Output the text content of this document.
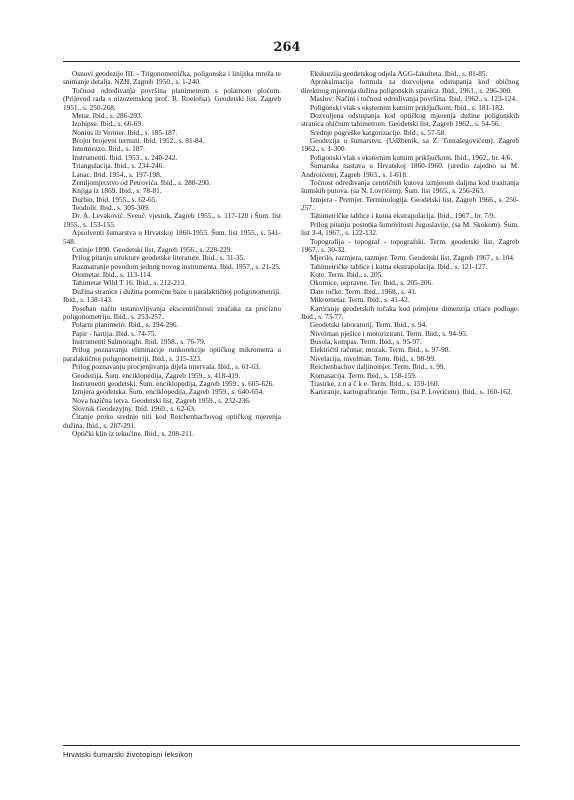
264

Osnovi geodezije III. - Trigonometrička, poligonska i linijska mreža te snimanje detalja. NZH, Zagreb 1950., s. 1-240.

Točnost određivanja površina planimetrom s polarnom ploćom. (Prijevod rada s nizozemskog prof. R. Roelofsa). Geodetski list. Zagreb 1951., s. 250-268.

Metar. Ibid., s. 286-293.

Izohipse. Ibid., s. 66-69.

Nonius ili Vernier. Ibid., s. 185-187.

Brojni brojevni termini. Ibid. 1952., s. 81-84.

Intermezzo. Ibid., s. 187.

Instrumenti. Ibid. 1953., s. 240-242.

Triangulacija. Ibid., s. 234-246.

Lanac. Ibid. 1954., s. 197-198.

Zemljomjerstvo od Petrovića. Ibid., s. 288-290.

Knjiga iz 1869. Ibid., s. 78-81.

Durbin. Ibid. 1955., s. 62-65.

Teodolit. Ibid., s. 305-309.

Dr. A. Levaković. Sveuč. vjesnik, Zagreb 1955., s. 117-120 i Šum. list 1955., s. 153-155.

Apsolventi šumarstva u Hrvatskoj 1860-1955. Šum. list 1955., s. 541-548.

Cetinje 1890. Geodetski list, Zagreb 1956., s. 228-229.

Prilog pitanju strukture geodetske literature. Ibid., s. 31-35.

Razmatranje povodom jednog novog instrumenta. Ibid. 1957., s. 21-25.

Otometar. Ibid., s. 113-114.

Tahimetar Wild T 16. Ibid., s. 212-213.

Dužina stranice i dužina pomoćne baze u paralaktičnoj poligonometriji. Ibid., s. 138-143.

Poseban način ustanovljivanja ekscentričnosti značaka za preciznu poligonometriju. Ibid., s. 253-257.

Polarni planimetri. Ibid., s. 294-296.

Papir - hartija. Ibid. s. 74-75.

Instrumenti Salmoraghi. Ibid. 1958., s. 76-79.

Prilog poznavanju eliminacije runkorekcije optičkog mikrometra u paralaktičnoj poligonometriji. Ibid., s. 315-323.

Prilog poznavanju procjenjivanja dijela intervala. Ibid., s. 61-63.

Geodezija. Šum. enciklopedija, Zagreb 1959., s. 418-419.

Instrumenti geodetski. Šum. enciklopedija, Zagreb 1959., s. 605-626.

Izmjera geodetska. Šum. enciklopedija, Zagreb 1959., s. 640-654.

Nova bazična letva. Geodetski list, Zagreb 1959., s. 232-236.

Slovnik Geodezyjny. Ibid. 1960., s. 62-63.

Čitanje preko srednje niti kod Reichenbachovog optičkog mjerenja dužina. Ibid., s. 287-291.

Optički klin iz tekućine. Ibid., s. 208-211.

Ekskurzija geodetskog odjela AGG-fakulteta. Ibid., s. 81-85.

Aproksimacija formula za dozvoljena odstupanja kod običnog direktnog mjerenja dužina poligonskih stranica. Ibid., 1961., s. 296-300.

Maslov: Načini i točnost određivanja površina. Ibid. 1962., s. 123-124.

Poligonski vlak s eksternim kutnim priključkom. Ibid., s. 181-182.

Dozvoljena odstupanja kod optičkog mjerenja dužine poligonskih stranica običnim tahimetrom. Geodetski list, Zagreb 1962., s. 54-56.

Srednje pogreške katgorizacije. Ibid., s. 57-58.

Geodezija u šumarstvu. (Udžbenik, sa Z. Tomašegovićem). Zagreb 1962., s. 1-300.

Poligonski vlak s eksternim kutnim priključkom. Ibid., 1962., br. 4/6.

Šumarska nastava u Hrvatskoj 1860-1960. (uredio zajedno sa M. Androićem), Zagreb 1963., s. 1-618.

Točnost određivanja centričnih kutova izmjerom daljina kod trasiranja šumskih putova. (sa N. Lovrićem). Šum. list 1965., s. 256-263.

Izmjera - Premjer. Terminologija. Geodetski list, Zagreb 1966., s. 256-257.

Tahimetričke tablice i kutna ekstrapolacija. Ibid., 1967., br. 7/9.

Prilog pitanju postotka šumovitosti Jugoslavije, (sa M. Skokom). Šum. list 3-4, 1967., s. 122-132.

Topografija - topograf - topografski. Term. geodetski list, Zagreb 1967., s. 30-32.

Mjerilo, razmjera, razmjer. Term. Geodetski list, Zagreb 1967., s. 104.

Tahimetričke tablice i kutna ekstrapolacija. Ibid., s. 121-127.

Kote. Term. Ibid., s. 205.

Okomice, uspravne. Ter. Ibid., s. 205-206.

Date točke. Term. Ibid., 1968., s. 41.

Mikrometar. Term. Ibid., s. 41-42.

Kartiranje geodetskih točaka kod primjene dimenzija crtaće podloge. Ibid., s. 73-77.

Geodetski laboratorij. Term. Ibid., s. 94.

Nivelman pješice i motorizirani. Term. Ibid., s. 94-95.

Busola, kompas. Term. Ibid., s. 95-97.

Električni računar, mozak. Term. Ibid., s. 97-98.

Nivelacija, nivelman. Term. Ibid., s. 98-99.

Reichenbachov daljinomjer. Term. Ibid., s. 99.

Komasacija. Term. Ibid., s. 158-159.

Trasirke, z n a č k e. Term. Ibid., s. 159-160.

Kartiranje, kartografiranje. Term., (sa P. Lovrićem). Ibid., s. 160-162.

Hrvatski šumarski životopisni leksikon
